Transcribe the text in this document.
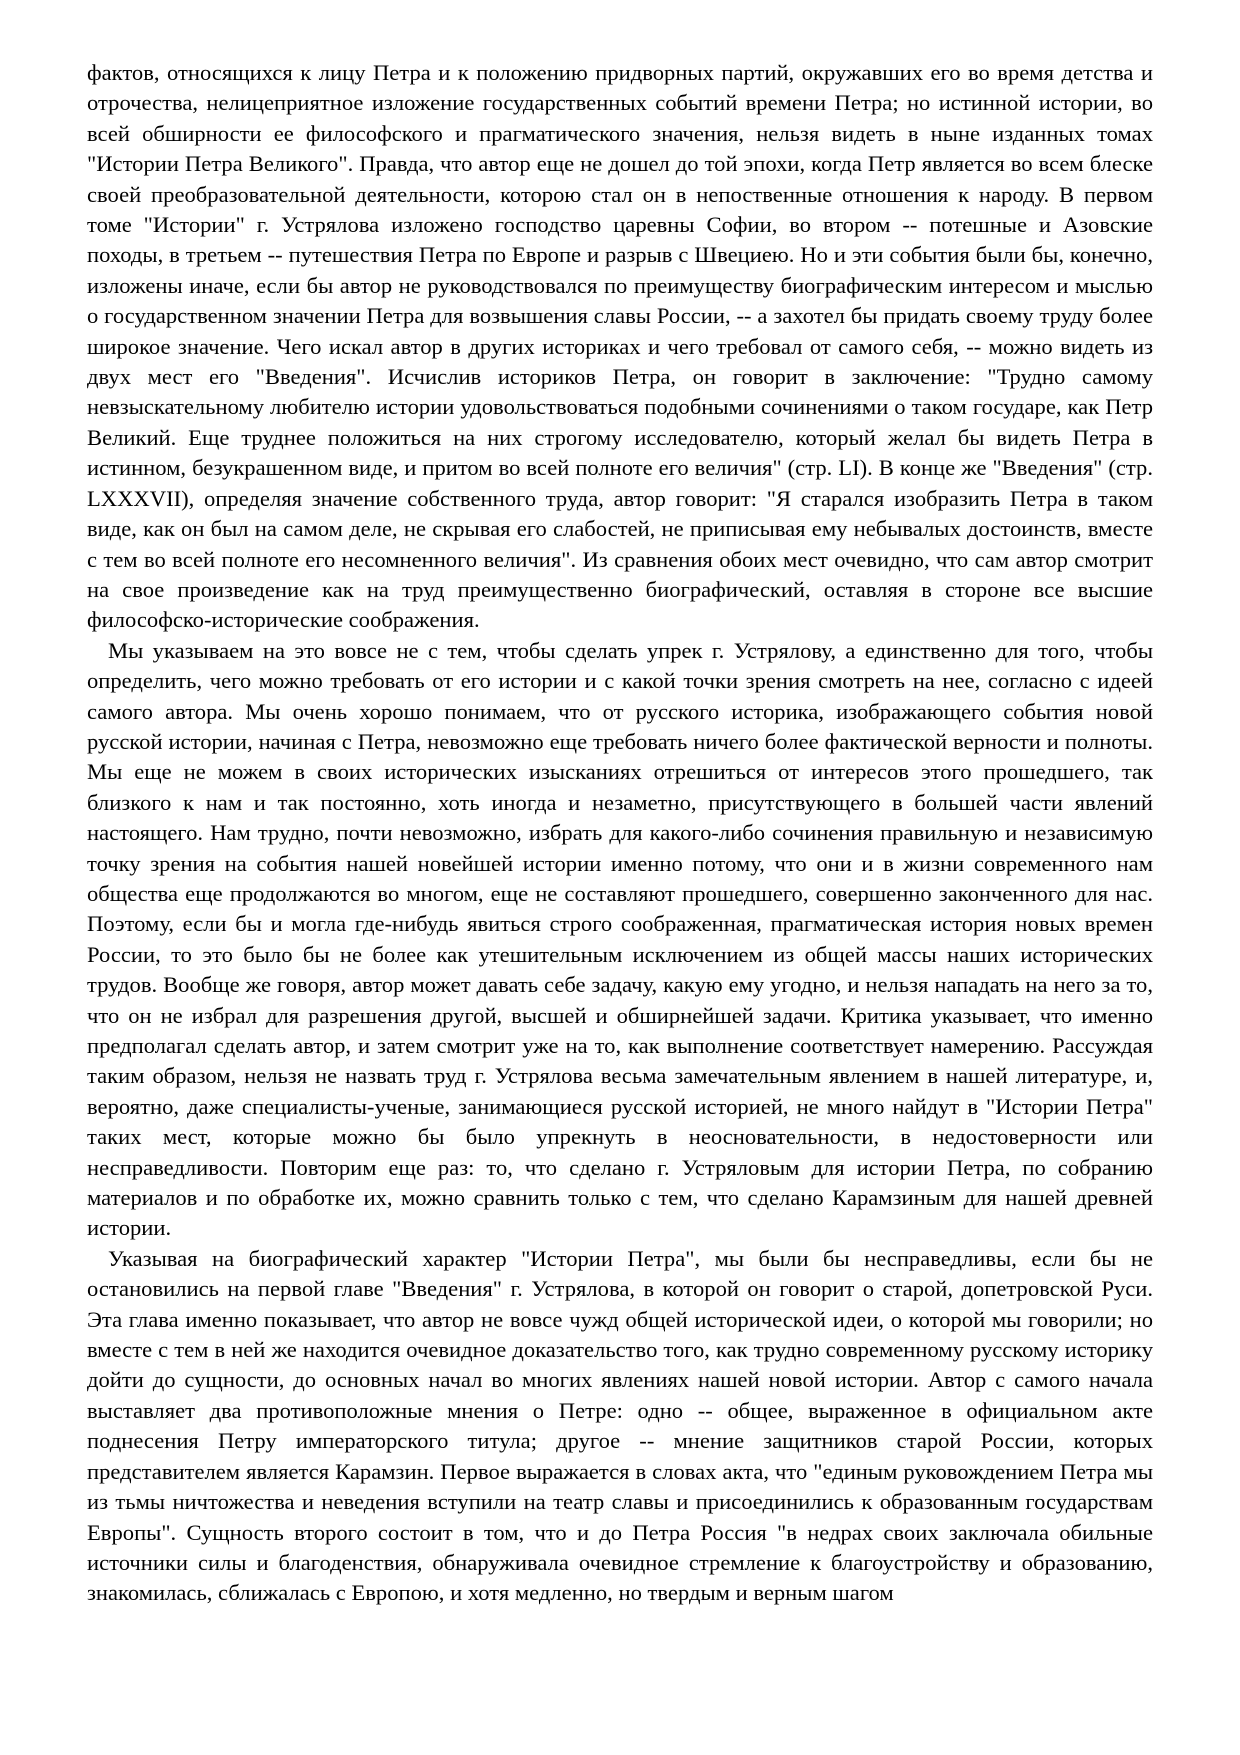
фактов, относящихся к лицу Петра и к положению придворных партий, окружавших его во время детства и отрочества, нелицеприятное изложение государственных событий времени Петра; но истинной истории, во всей обширности ее философского и прагматического значения, нельзя видеть в ныне изданных томах "Истории Петра Великого". Правда, что автор еще не дошел до той эпохи, когда Петр является во всем блеске своей преобразовательной деятельности, которою стал он в непоственные отношения к народу. В первом томе "Истории" г. Устрялова изложено господство царевны Софии, во втором -- потешные и Азовские походы, в третьем -- путешествия Петра по Европе и разрыв с Швециею. Но и эти события были бы, конечно, изложены иначе, если бы автор не руководствовался по преимуществу биографическим интересом и мыслью о государственном значении Петра для возвышения славы России, -- а захотел бы придать своему труду более широкое значение. Чего искал автор в других историках и чего требовал от самого себя, -- можно видеть из двух мест его "Введения". Исчислив историков Петра, он говорит в заключение: "Трудно самому невзыскательному любителю истории удовольствоваться подобными сочинениями о таком государе, как Петр Великий. Еще труднее положиться на них строгому исследователю, который желал бы видеть Петра в истинном, безукрашенном виде, и притом во всей полноте его величия" (стр. LI). В конце же "Введения" (стр. LXXXVII), определяя значение собственного труда, автор говорит: "Я старался изобразить Петра в таком виде, как он был на самом деле, не скрывая его слабостей, не приписывая ему небывалых достоинств, вместе с тем во всей полноте его несомненного величия". Из сравнения обоих мест очевидно, что сам автор смотрит на свое произведение как на труд преимущественно биографический, оставляя в стороне все высшие философско-исторические соображения.

Мы указываем на это вовсе не с тем, чтобы сделать упрек г. Устрялову, а единственно для того, чтобы определить, чего можно требовать от его истории и с какой точки зрения смотреть на нее, согласно с идеей самого автора. Мы очень хорошо понимаем, что от русского историка, изображающего события новой русской истории, начиная с Петра, невозможно еще требовать ничего более фактической верности и полноты. Мы еще не можем в своих исторических изысканиях отрешиться от интересов этого прошедшего, так близкого к нам и так постоянно, хоть иногда и незаметно, присутствующего в большей части явлений настоящего. Нам трудно, почти невозможно, избрать для какого-либо сочинения правильную и независимую точку зрения на события нашей новейшей истории именно потому, что они и в жизни современного нам общества еще продолжаются во многом, еще не составляют прошедшего, совершенно законченного для нас. Поэтому, если бы и могла где-нибудь явиться строго соображенная, прагматическая история новых времен России, то это было бы не более как утешительным исключением из общей массы наших исторических трудов. Вообще же говоря, автор может давать себе задачу, какую ему угодно, и нельзя нападать на него за то, что он не избрал для разрешения другой, высшей и обширнейшей задачи. Критика указывает, что именно предполагал сделать автор, и затем смотрит уже на то, как выполнение соответствует намерению. Рассуждая таким образом, нельзя не назвать труд г. Устрялова весьма замечательным явлением в нашей литературе, и, вероятно, даже специалисты-ученые, занимающиеся русской историей, не много найдут в "Истории Петра" таких мест, которые можно бы было упрекнуть в неосновательности, в недостоверности или несправедливости. Повторим еще раз: то, что сделано г. Устряловым для истории Петра, по собранию материалов и по обработке их, можно сравнить только с тем, что сделано Карамзиным для нашей древней истории.

Указывая на биографический характер "Истории Петра", мы были бы несправедливы, если бы не остановились на первой главе "Введения" г. Устрялова, в которой он говорит о старой, допетровской Руси. Эта глава именно показывает, что автор не вовсе чужд общей исторической идеи, о которой мы говорили; но вместе с тем в ней же находится очевидное доказательство того, как трудно современному русскому историку дойти до сущности, до основных начал во многих явлениях нашей новой истории. Автор с самого начала выставляет два противоположные мнения о Петре: одно -- общее, выраженное в официальном акте поднесения Петру императорского титула; другое -- мнение защитников старой России, которых представителем является Карамзин. Первое выражается в словах акта, что "единым руковождением Петра мы из тьмы ничтожества и неведения вступили на театр славы и присоединились к образованным государствам Европы". Сущность второго состоит в том, что и до Петра Россия "в недрах своих заключала обильные источники силы и благоденствия, обнаруживала очевидное стремление к благоустройству и образованию, знакомилась, сближалась с Европою, и хотя медленно, но твердым и верным шагом
